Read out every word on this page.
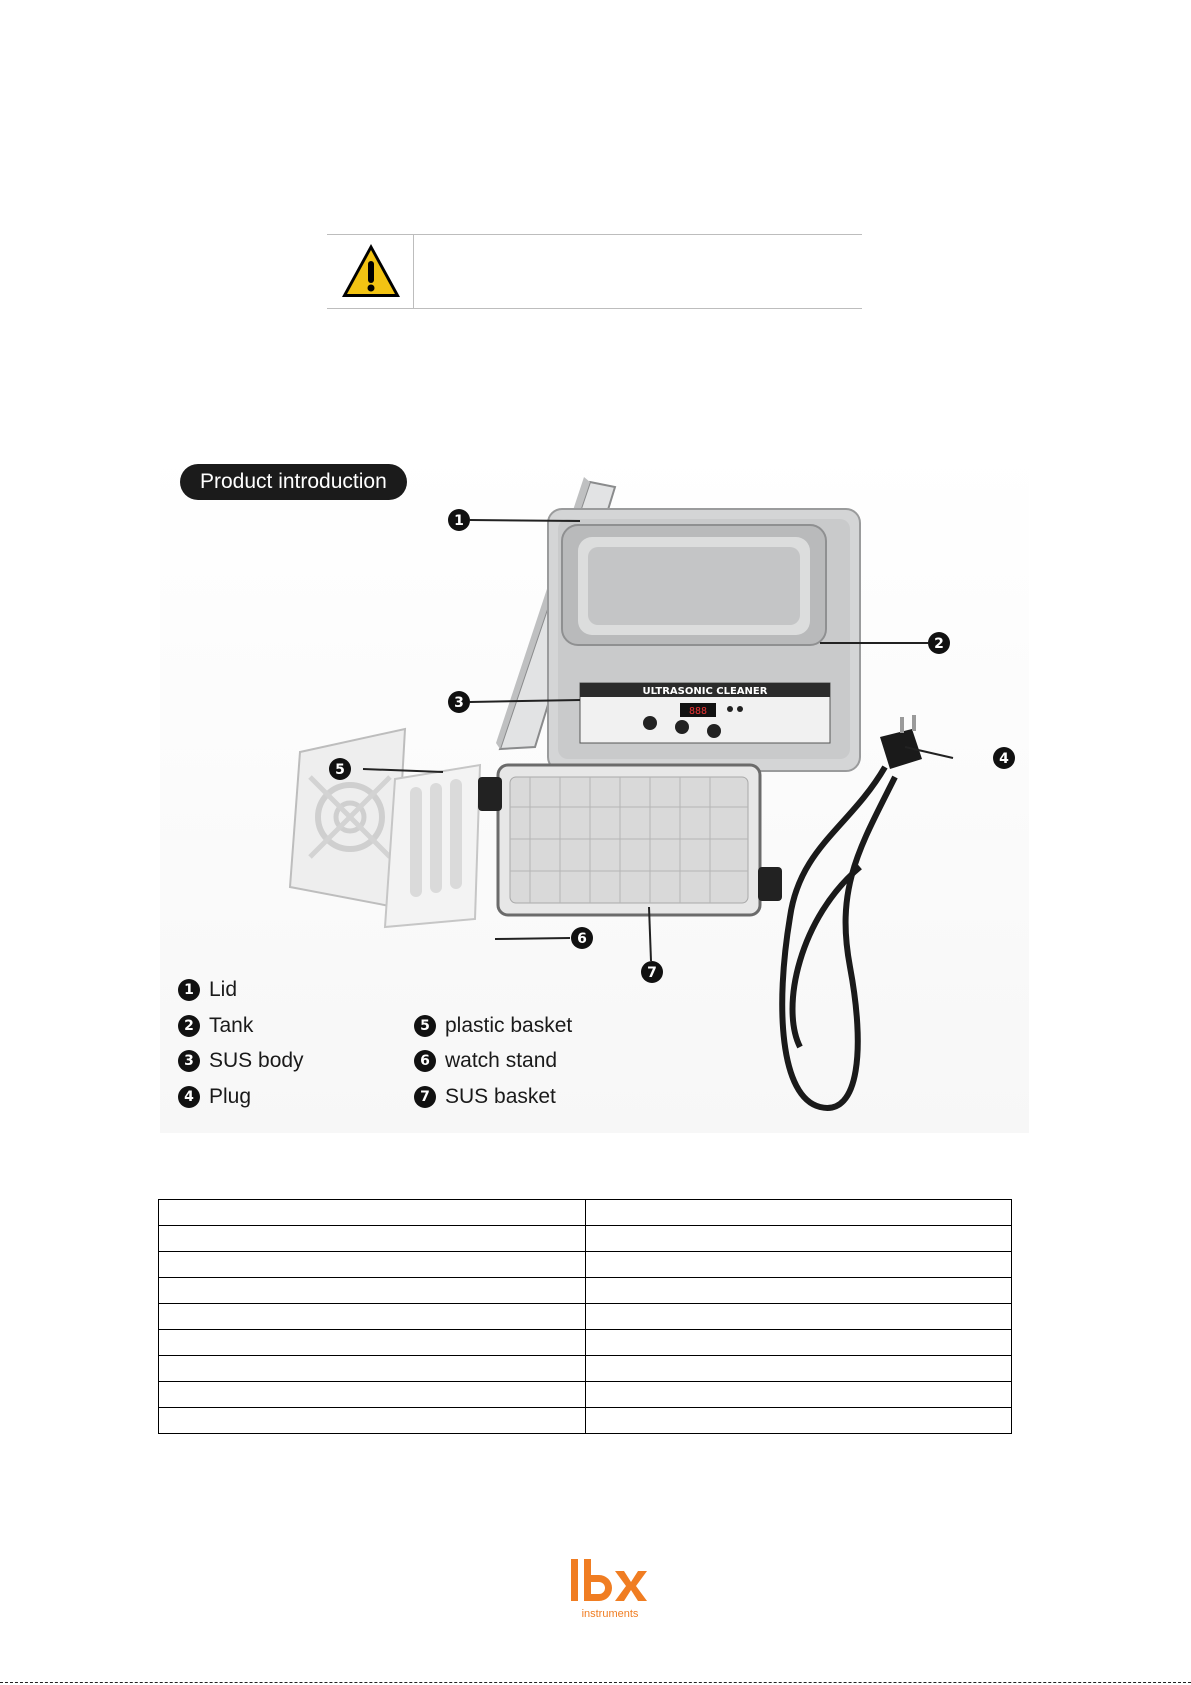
ULTRASONIC CLEANER
888
1
2
3
4
5
6
7
Product introduction
1 Lid
2 Tank
3 SUS body
4 Plug
5 plastic basket
6 watch stand
7 SUS basket

instruments
